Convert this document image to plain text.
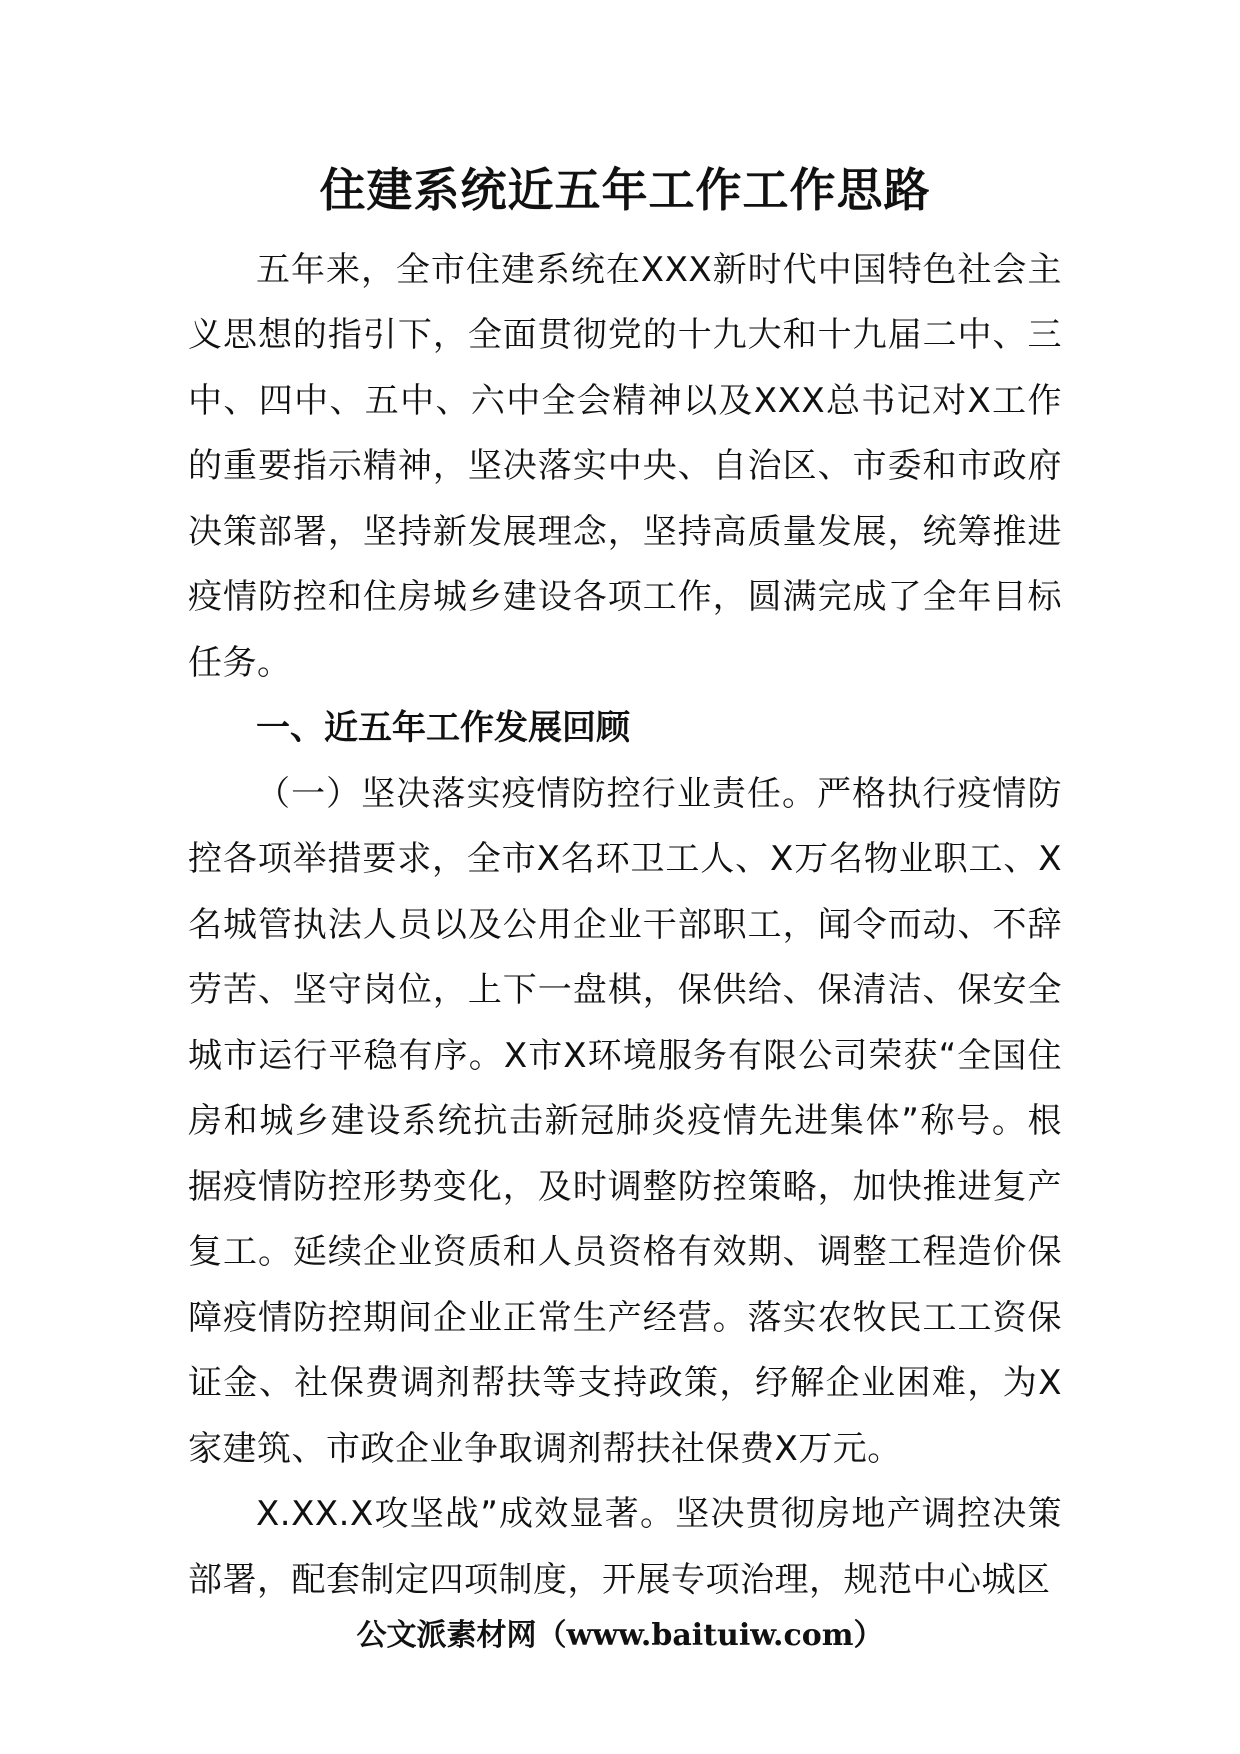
住建系统近五年工作工作思路

五年来，全市住建系统在XXX新时代中国特色社会主义思想的指引下，全面贯彻党的十九大和十九届二中、三中、四中、五中、六中全会精神以及XXX总书记对X工作的重要指示精神，坚决落实中央、自治区、市委和市政府决策部署，坚持新发展理念，坚持高质量发展，统筹推进疫情防控和住房城乡建设各项工作，圆满完成了全年目标任务。

一、近五年工作发展回顾

（一）坚决落实疫情防控行业责任。严格执行疫情防控各项举措要求，全市X名环卫工人、X万名物业职工、X名城管执法人员以及公用企业干部职工，闻令而动、不辞劳苦、坚守岗位，上下一盘棋，保供给、保清洁、保安全城市运行平稳有序。X市X环境服务有限公司荣获“全国住房和城乡建设系统抗击新冠肺炎疫情先进集体”称号。根据疫情防控形势变化，及时调整防控策略，加快推进复产复工。延续企业资质和人员资格有效期、调整工程造价保障疫情防控期间企业正常生产经营。落实农牧民工工资保证金、社保费调剂帮扶等支持政策，纾解企业困难，为X家建筑、市政企业争取调剂帮扶社保费X万元。

X.XX.X攻坚战”成效显著。坚决贯彻房地产调控决策部署，配套制定四项制度，开展专项治理，规范中心城区

公文派素材网（www.baituiw.com）
